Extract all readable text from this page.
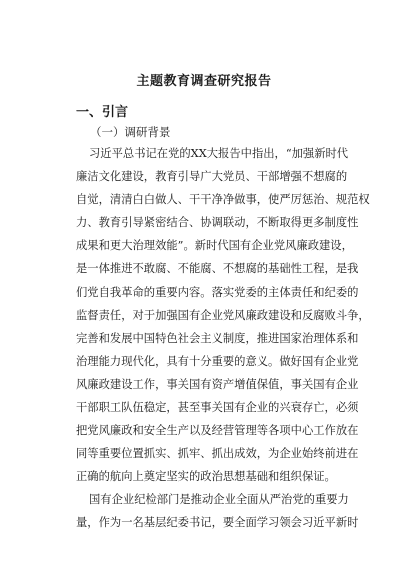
主题教育调查研究报告
一、引言
（一）调研背景
习近平总书记在党的XX大报告中指出，“加强新时代
廉洁文化建设，教育引导广大党员、干部增强不想腐的
自觉，清清白白做人、干干净净做事，使严厉惩治、规范权
力、教育引导紧密结合、协调联动，不断取得更多制度性
成果和更大治理效能”。新时代国有企业党风廉政建设，
是一体推进不敢腐、不能腐、不想腐的基础性工程，是我
们党自我革命的重要内容。落实党委的主体责任和纪委的
监督责任，对于加强国有企业党风廉政建设和反腐败斗争，
完善和发展中国特色社会主义制度，推进国家治理体系和
治理能力现代化，具有十分重要的意义。做好国有企业党
风廉政建设工作，事关国有资产增值保值，事关国有企业
干部职工队伍稳定，甚至事关国有企业的兴衰存亡，必须
把党风廉政和安全生产以及经营管理等各项中心工作放在
同等重要位置抓实、抓牢、抓出成效，为企业始终前进在
正确的航向上奠定坚实的政治思想基础和组织保证。
国有企业纪检部门是推动企业全面从严治党的重要力
量，作为一名基层纪委书记，要全面学习领会习近平新时
